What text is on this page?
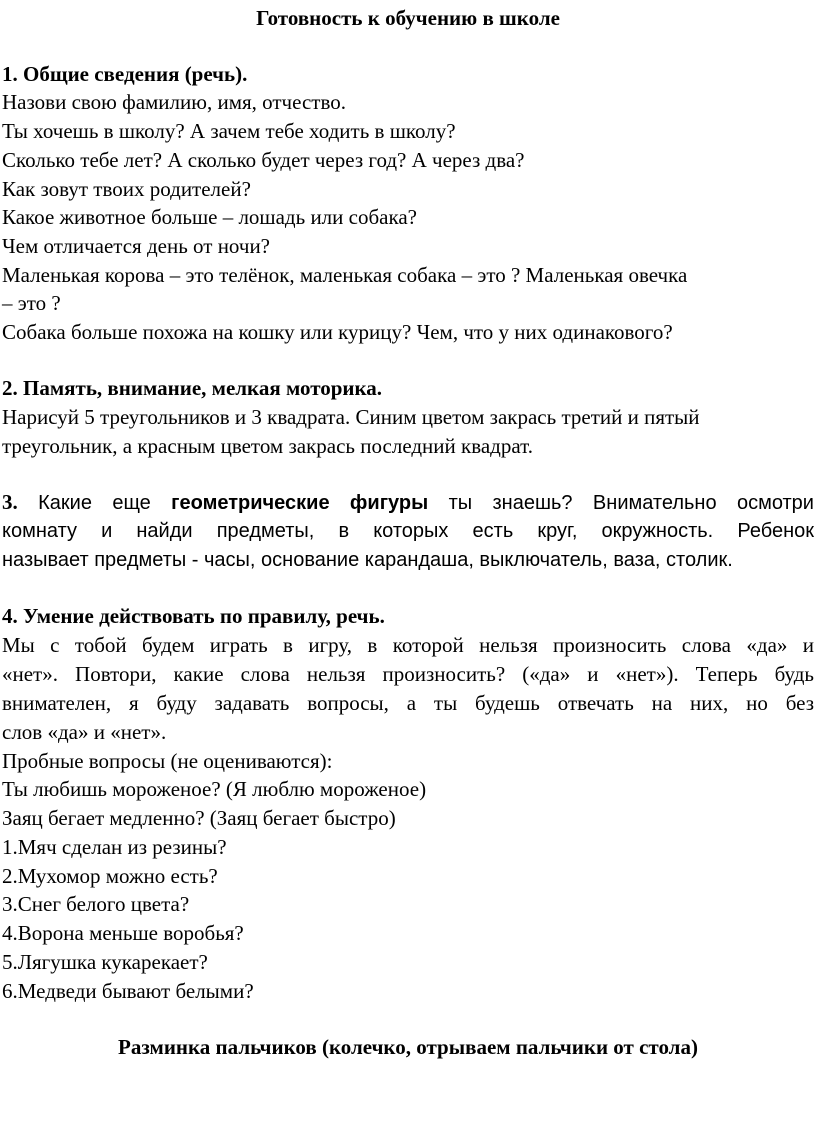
Готовность к обучению в школе
1. Общие сведения (речь).
Назови свою фамилию, имя, отчество.
Ты хочешь в школу? А зачем тебе ходить в школу?
Сколько тебе лет? А сколько будет через год? А через два?
Как зовут твоих родителей?
Какое животное больше – лошадь или собака?
Чем отличается день от ночи?
Маленькая корова – это телёнок, маленькая собака – это ? Маленькая овечка
– это ?
Собака больше похожа на кошку или курицу? Чем, что у них одинакового?
2. Память, внимание, мелкая моторика.
Нарисуй 5 треугольников и 3 квадрата. Синим цветом закрась третий и пятый
треугольник, а красным цветом закрась последний квадрат.
3. Какие еще геометрические фигуры ты знаешь? Внимательно осмотри
комнату и найди предметы, в которых есть круг, окружность. Ребенок
называет предметы - часы, основание карандаша, выключатель, ваза, столик.
4. Умение действовать по правилу, речь.
Мы с тобой будем играть в игру, в которой нельзя произносить слова «да» и
«нет». Повтори, какие слова нельзя произносить? («да» и «нет»). Теперь будь
внимателен, я буду задавать вопросы, а ты будешь отвечать на них, но без
слов «да» и «нет».
Пробные вопросы (не оцениваются):
Ты любишь мороженое? (Я люблю мороженое)
Заяц бегает медленно? (Заяц бегает быстро)
1.Мяч сделан из резины?
2.Мухомор можно есть?
3.Снег белого цвета?
4.Ворона меньше воробья?
5.Лягушка кукарекает?
6.Медведи бывают белыми?
Разминка пальчиков (колечко, отрываем пальчики от стола)
